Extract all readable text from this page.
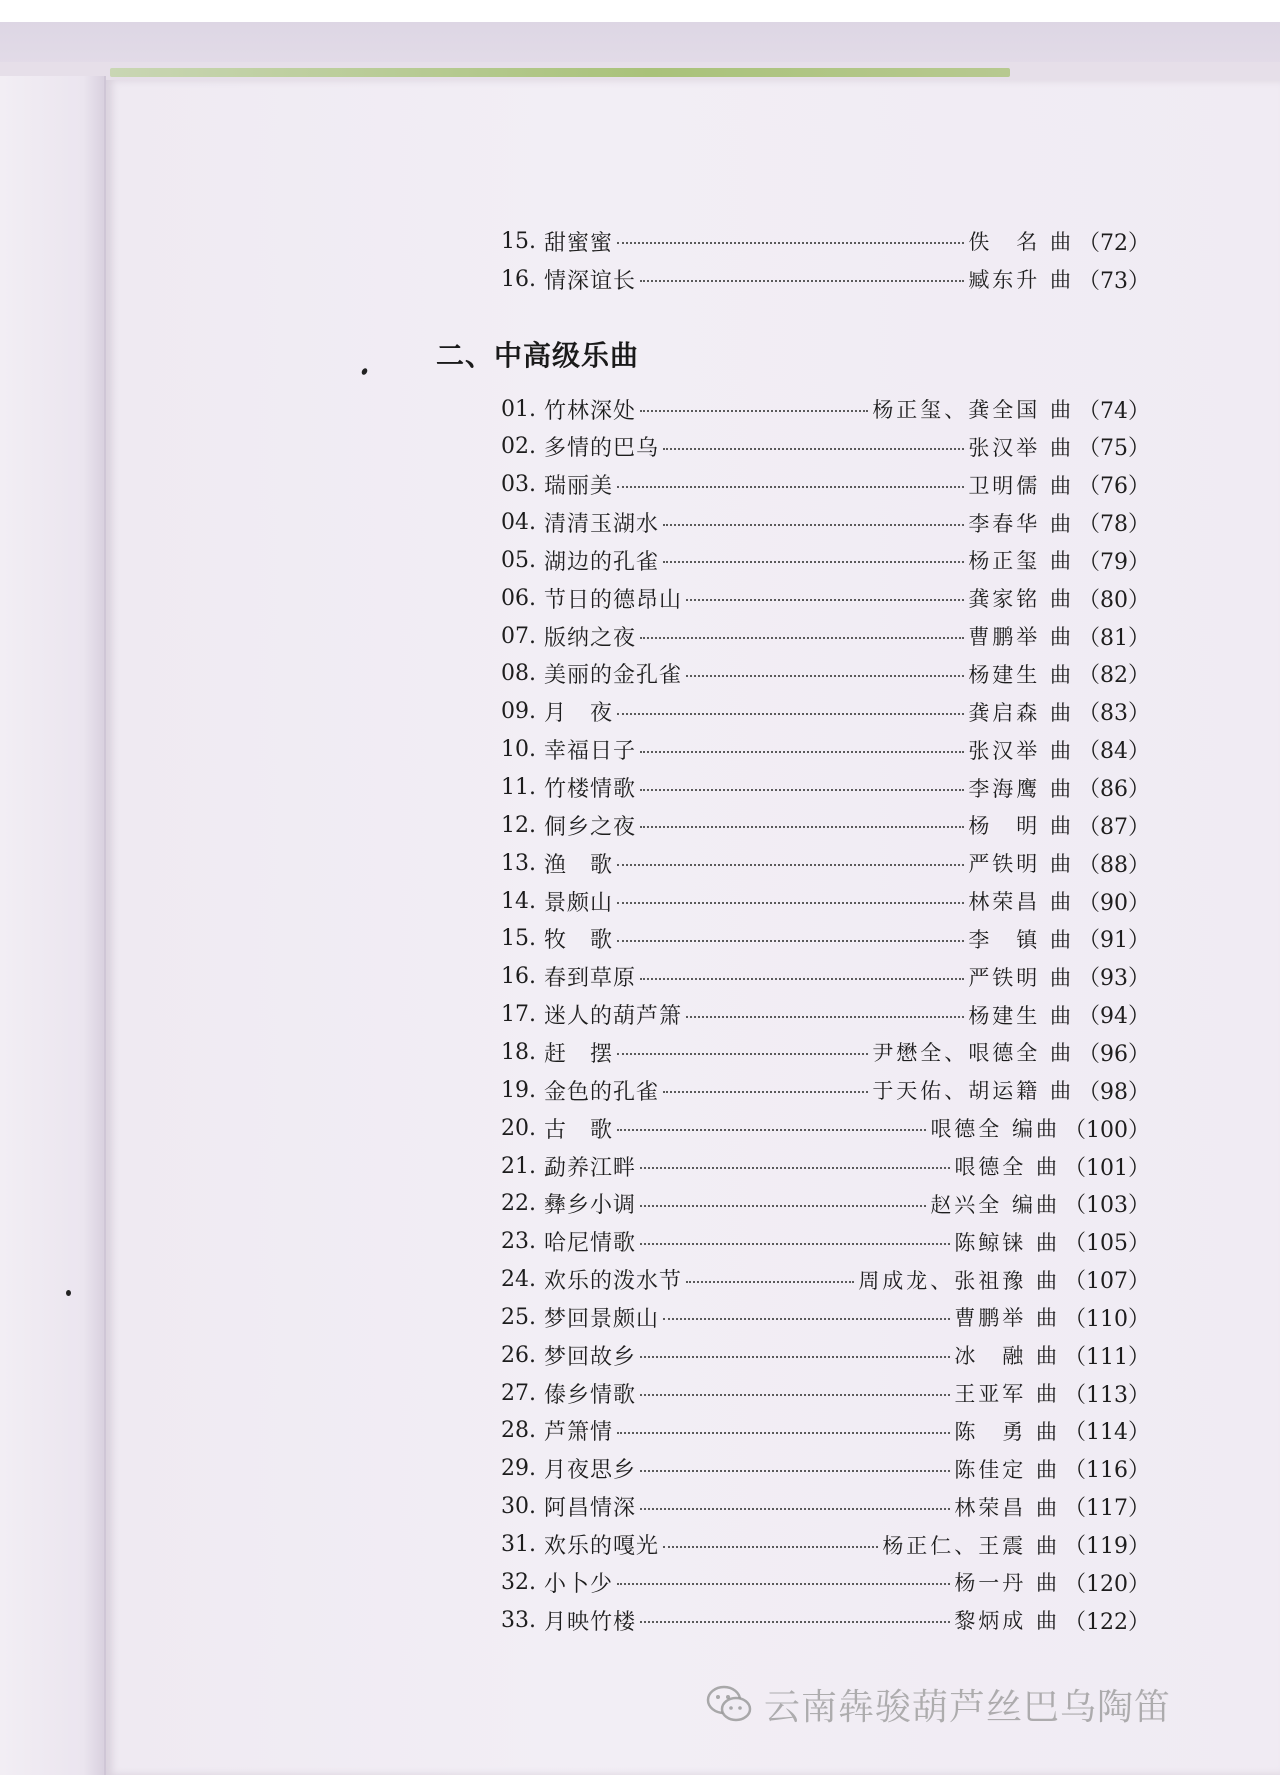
15. 甜蜜蜜	佚　名 曲 （72）
16. 情深谊长	臧东升 曲 （73）
二、中高级乐曲
01. 竹林深处	杨正玺、龚全国 曲 （74）
02. 多情的巴乌	张汉举 曲 （75）
03. 瑞丽美	卫明儒 曲 （76）
04. 清清玉湖水	李春华 曲 （78）
05. 湖边的孔雀	杨正玺 曲 （79）
06. 节日的德昂山	龚家铭 曲 （80）
07. 版纳之夜	曹鹏举 曲 （81）
08. 美丽的金孔雀	杨建生 曲 （82）
09. 月　夜	龚启森 曲 （83）
10. 幸福日子	张汉举 曲 （84）
11. 竹楼情歌	李海鹰 曲 （86）
12. 侗乡之夜	杨　明 曲 （87）
13. 渔　歌	严铁明 曲 （88）
14. 景颇山	林荣昌 曲 （90）
15. 牧　歌	李　镇 曲 （91）
16. 春到草原	严铁明 曲 （93）
17. 迷人的葫芦箫	杨建生 曲 （94）
18. 赶　摆	尹懋全、哏德全 曲 （96）
19. 金色的孔雀	于天佑、胡运籍 曲 （98）
20. 古　歌	哏德全 编曲 （100）
21. 勐养江畔	哏德全 曲 （101）
22. 彝乡小调	赵兴全 编曲 （103）
23. 哈尼情歌	陈鲸铼 曲 （105）
24. 欢乐的泼水节	周成龙、张祖豫 曲 （107）
25. 梦回景颇山	曹鹏举 曲 （110）
26. 梦回故乡	冰　融 曲 （111）
27. 傣乡情歌	王亚军 曲 （113）
28. 芦箫情	陈　勇 曲 （114）
29. 月夜思乡	陈佳定 曲 （116）
30. 阿昌情深	林荣昌 曲 （117）
31. 欢乐的嘎光	杨正仁、王震 曲 （119）
32. 小卜少	杨一丹 曲 （120）
33. 月映竹楼	黎炳成 曲 （122）
云南犇骏葫芦丝巴乌陶笛
